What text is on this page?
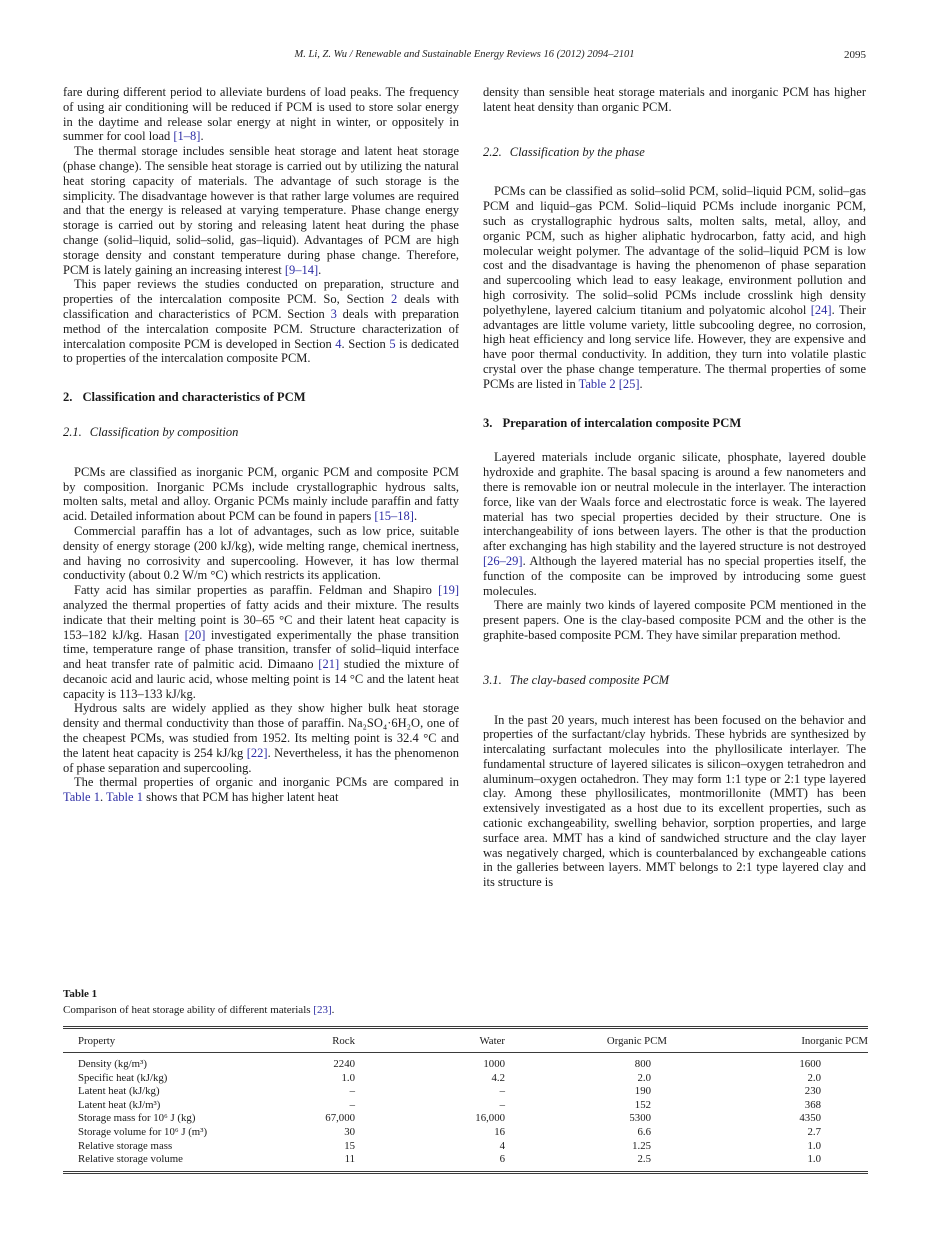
M. Li, Z. Wu / Renewable and Sustainable Energy Reviews 16 (2012) 2094–2101	2095

fare during different period to alleviate burdens of load peaks. The frequency of using air conditioning will be reduced if PCM is used to store solar energy in the daytime and release solar energy at night in winter, or oppositely in summer for cool load [1–8].

The thermal storage includes sensible heat storage and latent heat storage (phase change). The sensible heat storage is carried out by utilizing the natural heat storing capacity of materials. The advantage of such storage is the simplicity. The disadvantage however is that rather large volumes are required and that the energy is released at varying temperature. Phase change energy storage is carried out by storing and releasing latent heat during the phase change (solid–liquid, solid–solid, gas–liquid). Advantages of PCM are high storage density and constant temperature during phase change. Therefore, PCM is lately gaining an increasing interest [9–14].

This paper reviews the studies conducted on preparation, structure and properties of the intercalation composite PCM. So, Section 2 deals with classification and characteristics of PCM. Section 3 deals with preparation method of the intercalation composite PCM. Structure characterization of intercalation composite PCM is developed in Section 4. Section 5 is dedicated to properties of the intercalation composite PCM.

2. Classification and characteristics of PCM
2.1. Classification by composition

PCMs are classified as inorganic PCM, organic PCM and composite PCM by composition. Inorganic PCMs include crystallographic hydrous salts, molten salts, metal and alloy. Organic PCMs mainly include paraffin and fatty acid. Detailed information about PCM can be found in papers [15–18].

Commercial paraffin has a lot of advantages, such as low price, suitable density of energy storage (200 kJ/kg), wide melting range, chemical inertness, and having no corrosivity and supercooling. However, it has low thermal conductivity (about 0.2 W/m °C) which restricts its application.

Fatty acid has similar properties as paraffin. Feldman and Shapiro [19] analyzed the thermal properties of fatty acids and their mixture. The results indicate that their melting point is 30–65 °C and their latent heat capacity is 153–182 kJ/kg. Hasan [20] investigated experimentally the phase transition time, temperature range of phase transition, transfer of solid–liquid interface and heat transfer rate of palmitic acid. Dimaano [21] studied the mixture of decanoic acid and lauric acid, whose melting point is 14 °C and the latent heat capacity is 113–133 kJ/kg.

Hydrous salts are widely applied as they show higher bulk heat storage density and thermal conductivity than those of paraffin. Na₂SO₄·6H₂O, one of the cheapest PCMs, was studied from 1952. Its melting point is 32.4 °C and the latent heat capacity is 254 kJ/kg [22]. Nevertheless, it has the phenomenon of phase separation and supercooling.

The thermal properties of organic and inorganic PCMs are compared in Table 1. Table 1 shows that PCM has higher latent heat

density than sensible heat storage materials and inorganic PCM has higher latent heat density than organic PCM.

2.2. Classification by the phase

PCMs can be classified as solid–solid PCM, solid–liquid PCM, solid–gas PCM and liquid–gas PCM. Solid–liquid PCMs include inorganic PCM, such as crystallographic hydrous salts, molten salts, metal, alloy, and organic PCM, such as higher aliphatic hydrocarbon, fatty acid, and high molecular weight polymer. The advantage of the solid–liquid PCM is low cost and the disadvantage is having the phenomenon of phase separation and supercooling which lead to easy leakage, environment pollution and high corrosivity. The solid–solid PCMs include crosslink high density polyethylene, layered calcium titanium and polyatomic alcohol [24]. Their advantages are little volume variety, little subcooling degree, no corrosion, high heat efficiency and long service life. However, they are expensive and have poor thermal conductivity. In addition, they turn into volatile plastic crystal over the phase change temperature. The thermal properties of some PCMs are listed in Table 2 [25].

3. Preparation of intercalation composite PCM

Layered materials include organic silicate, phosphate, layered double hydroxide and graphite. The basal spacing is around a few nanometers and there is removable ion or neutral molecule in the interlayer. The interaction force, like van der Waals force and electrostatic force is weak. The layered material has two special properties decided by their structure. One is interchangeability of ions between layers. The other is that the production after exchanging has high stability and the layered structure is not destroyed [26–29]. Although the layered material has no special properties itself, the function of the composite can be improved by introducing some guest molecules.

There are mainly two kinds of layered composite PCM mentioned in the present papers. One is the clay-based composite PCM and the other is the graphite-based composite PCM. They have similar preparation method.

3.1. The clay-based composite PCM

In the past 20 years, much interest has been focused on the behavior and properties of the surfactant/clay hybrids. These hybrids are synthesized by intercalating surfactant molecules into the phyllosilicate interlayer. The fundamental structure of layered silicates is silicon–oxygen tetrahedron and aluminum–oxygen octahedron. They may form 1:1 type or 2:1 type layered clay. Among these phyllosilicates, montmorillonite (MMT) has been extensively investigated as a host due to its excellent properties, such as cationic exchangeability, swelling behavior, sorption properties, and large surface area. MMT has a kind of sandwiched structure and the clay layer was negatively charged, which is counterbalanced by exchangeable cations in the galleries between layers. MMT belongs to 2:1 type layered clay and its structure is

Table 1

Comparison of heat storage ability of different materials [23].

Property	Rock	Water	Organic PCM	Inorganic PCM
Density (kg/m³)	2240	1000	800	1600
Specific heat (kJ/kg)	1.0	4.2	2.0	2.0
Latent heat (kJ/kg)	–	–	190	230
Latent heat (kJ/m³)	–	–	152	368
Storage mass for 10⁶ J (kg)	67,000	16,000	5300	4350
Storage volume for 10⁶ J (m³)	30	16	6.6	2.7
Relative storage mass	15	4	1.25	1.0
Relative storage volume	11	6	2.5	1.0
